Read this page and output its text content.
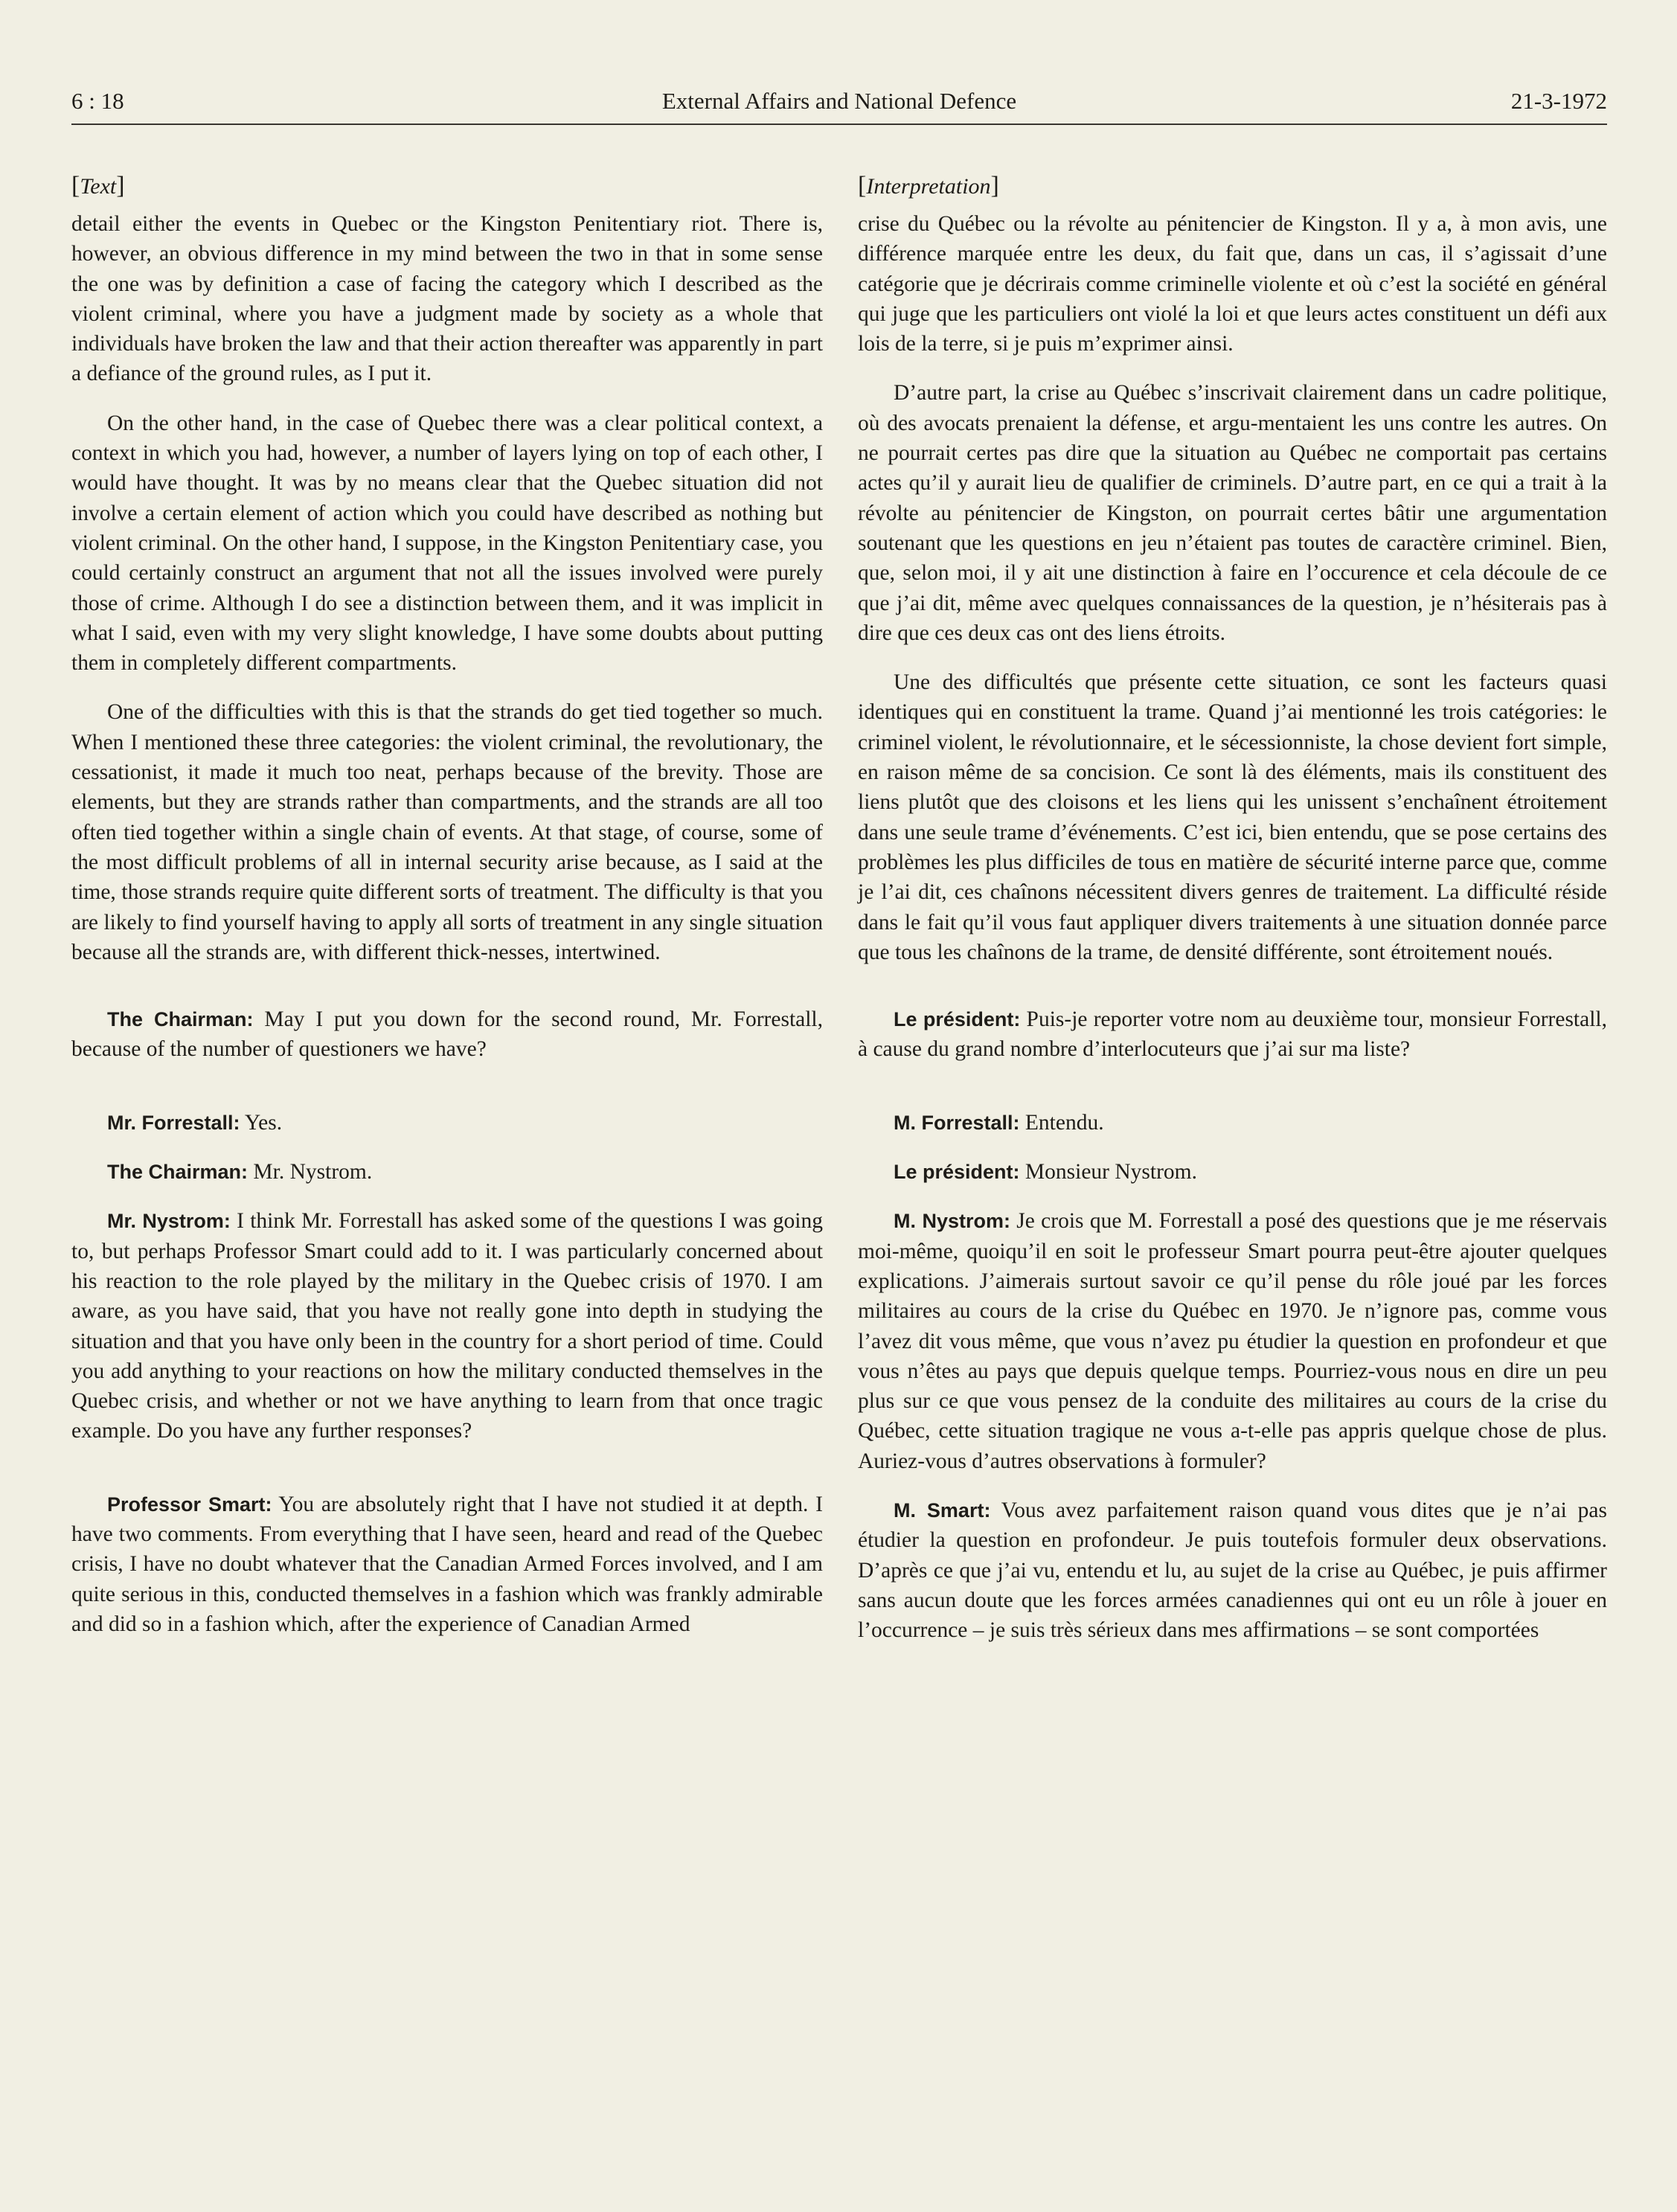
6 : 18	External Affairs and National Defence	21-3-1972
[Text]

detail either the events in Quebec or the Kingston Penitentiary riot. There is, however, an obvious difference in my mind between the two in that in some sense the one was by definition a case of facing the category which I described as the violent criminal, where you have a judgment made by society as a whole that individuals have broken the law and that their action thereafter was apparently in part a defiance of the ground rules, as I put it.

On the other hand, in the case of Quebec there was a clear political context, a context in which you had, however, a number of layers lying on top of each other, I would have thought. It was by no means clear that the Quebec situation did not involve a certain element of action which you could have described as nothing but violent criminal. On the other hand, I suppose, in the Kingston Penitentiary case, you could certainly construct an argument that not all the issues involved were purely those of crime. Although I do see a distinction between them, and it was implicit in what I said, even with my very slight knowledge, I have some doubts about putting them in completely different compartments.

One of the difficulties with this is that the strands do get tied together so much. When I mentioned these three categories: the violent criminal, the revolutionary, the cessationist, it made it much too neat, perhaps because of the brevity. Those are elements, but they are strands rather than compartments, and the strands are all too often tied together within a single chain of events. At that stage, of course, some of the most difficult problems of all in internal security arise because, as I said at the time, those strands require quite different sorts of treatment. The difficulty is that you are likely to find yourself having to apply all sorts of treatment in any single situation because all the strands are, with different thick-nesses, intertwined.

The Chairman: May I put you down for the second round, Mr. Forrestall, because of the number of questioners we have?

Mr. Forrestall: Yes.

The Chairman: Mr. Nystrom.

Mr. Nystrom: I think Mr. Forrestall has asked some of the questions I was going to, but perhaps Professor Smart could add to it. I was particularly concerned about his reaction to the role played by the military in the Quebec crisis of 1970. I am aware, as you have said, that you have not really gone into depth in studying the situation and that you have only been in the country for a short period of time. Could you add anything to your reactions on how the military conducted themselves in the Quebec crisis, and whether or not we have anything to learn from that once tragic example. Do you have any further responses?

Professor Smart: You are absolutely right that I have not studied it at depth. I have two comments. From everything that I have seen, heard and read of the Quebec crisis, I have no doubt whatever that the Canadian Armed Forces involved, and I am quite serious in this, conducted themselves in a fashion which was frankly admirable and did so in a fashion which, after the experience of Canadian Armed

[Interpretation]

crise du Québec ou la révolte au pénitencier de Kingston. Il y a, à mon avis, une différence marquée entre les deux, du fait que, dans un cas, il s’agissait d’une catégorie que je décrirais comme criminelle violente et où c’est la société en général qui juge que les particuliers ont violé la loi et que leurs actes constituent un défi aux lois de la terre, si je puis m’exprimer ainsi.

D’autre part, la crise au Québec s’inscrivait clairement dans un cadre politique, où des avocats prenaient la défense, et argu-mentaient les uns contre les autres. On ne pourrait certes pas dire que la situation au Québec ne comportait pas certains actes qu’il y aurait lieu de qualifier de criminels. D’autre part, en ce qui a trait à la révolte au pénitencier de Kingston, on pourrait certes bâtir une argumentation soutenant que les questions en jeu n’étaient pas toutes de caractère criminel. Bien, que, selon moi, il y ait une distinction à faire en l’occurence et cela découle de ce que j’ai dit, même avec quelques connaissances de la question, je n’hésiterais pas à dire que ces deux cas ont des liens étroits.

Une des difficultés que présente cette situation, ce sont les facteurs quasi identiques qui en constituent la trame. Quand j’ai mentionné les trois catégories: le criminel violent, le révolutionnaire, et le sécessionniste, la chose devient fort simple, en raison même de sa concision. Ce sont là des éléments, mais ils constituent des liens plutôt que des cloisons et les liens qui les unissent s’enchaînent étroitement dans une seule trame d’événements. C’est ici, bien entendu, que se pose certains des problèmes les plus difficiles de tous en matière de sécurité interne parce que, comme je l’ai dit, ces chaînons nécessitent divers genres de traitement. La difficulté réside dans le fait qu’il vous faut appliquer divers traitements à une situation donnée parce que tous les chaînons de la trame, de densité différente, sont étroitement noués.

Le président: Puis-je reporter votre nom au deuxième tour, monsieur Forrestall, à cause du grand nombre d’interlocuteurs que j’ai sur ma liste?

M. Forrestall: Entendu.

Le président: Monsieur Nystrom.

M. Nystrom: Je crois que M. Forrestall a posé des questions que je me réservais moi-même, quoiqu’il en soit le professeur Smart pourra peut-être ajouter quelques explications. J’aimerais surtout savoir ce qu’il pense du rôle joué par les forces militaires au cours de la crise du Québec en 1970. Je n’ignore pas, comme vous l’avez dit vous même, que vous n’avez pu étudier la question en profondeur et que vous n’êtes au pays que depuis quelque temps. Pourriez-vous nous en dire un peu plus sur ce que vous pensez de la conduite des militaires au cours de la crise du Québec, cette situation tragique ne vous a-t-elle pas appris quelque chose de plus. Auriez-vous d’autres observations à formuler?

M. Smart: Vous avez parfaitement raison quand vous dites que je n’ai pas étudier la question en profondeur. Je puis toutefois formuler deux observations. D’après ce que j’ai vu, entendu et lu, au sujet de la crise au Québec, je puis affirmer sans aucun doute que les forces armées canadiennes qui ont eu un rôle à jouer en l’occurrence – je suis très sérieux dans mes affirmations – se sont comportées
